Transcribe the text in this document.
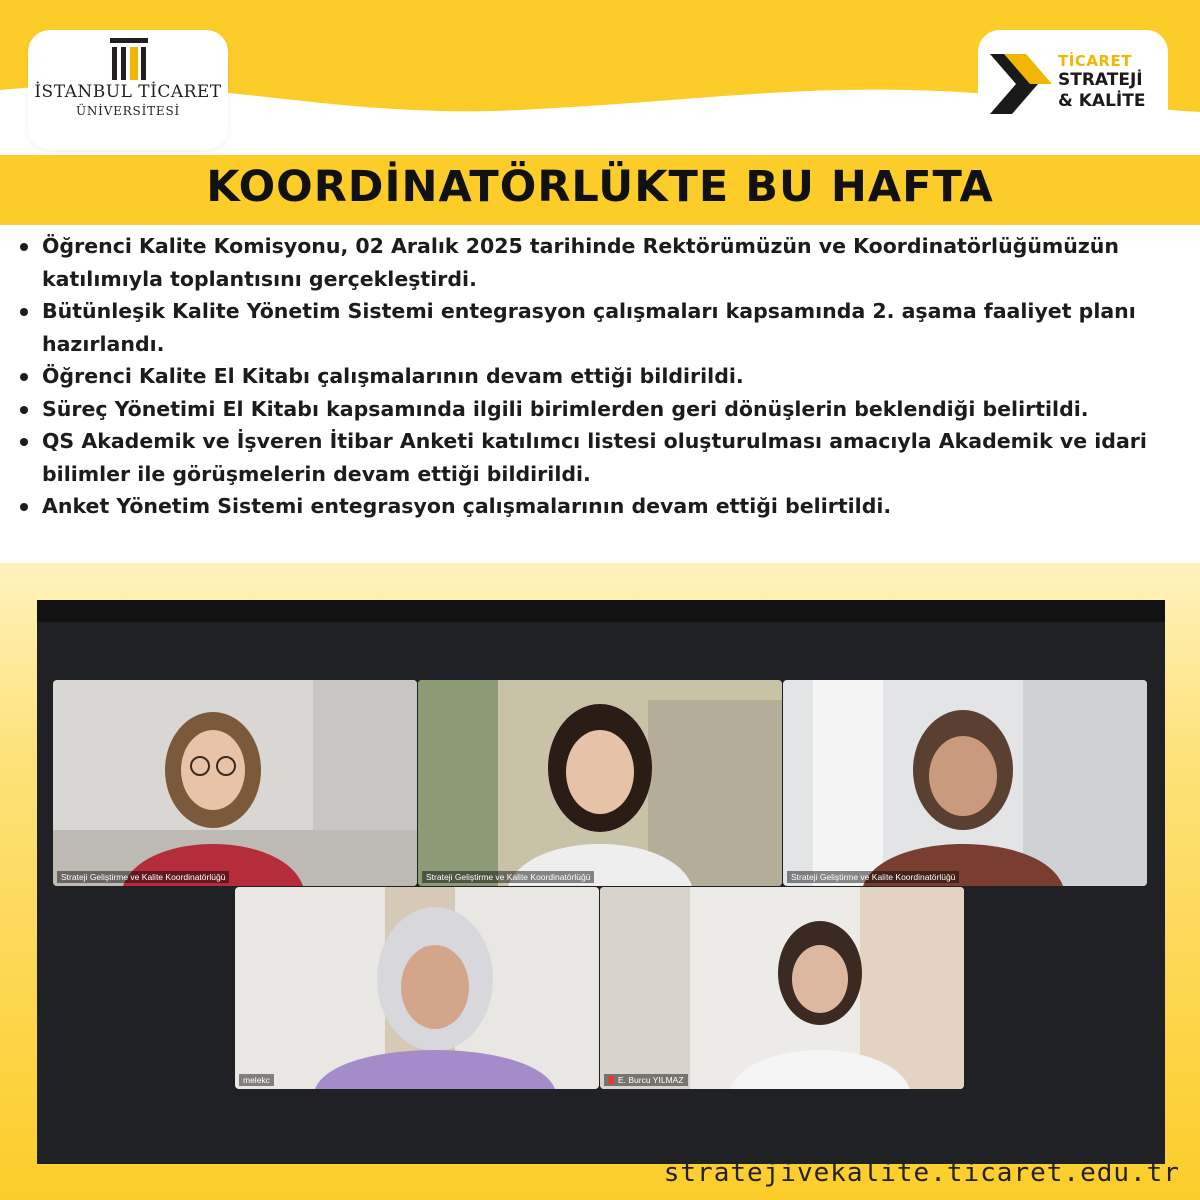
İSTANBUL TİCARET
ÜNİVERSİTESİ
TİCARET
STRATEJİ
& KALİTE
KOORDİNATÖRLÜKTE BU HAFTA
Öğrenci Kalite Komisyonu, 02 Aralık 2025 tarihinde Rektörümüzün ve Koordinatörlüğümüzün katılımıyla toplantısını gerçekleştirdi.
Bütünleşik Kalite Yönetim Sistemi entegrasyon çalışmaları kapsamında 2. aşama faaliyet planı hazırlandı.
Öğrenci Kalite El Kitabı çalışmalarının devam ettiği bildirildi.
Süreç Yönetimi El Kitabı kapsamında ilgili birimlerden geri dönüşlerin beklendiği belirtildi.
QS Akademik ve İşveren İtibar Anketi katılımcı listesi oluşturulması amacıyla Akademik ve idari bilimler ile görüşmelerin devam ettiği bildirildi.
Anket Yönetim Sistemi entegrasyon çalışmalarının devam ettiği belirtildi.
Strateji Geliştirme ve Kalite Koordinatörlüğü	Strateji Geliştirme ve Kalite Koordinatörlüğü	Strateji Geliştirme ve Kalite Koordinatörlüğü
melekc	E. Burcu YILMAZ
stratejivekalite.ticaret.edu.tr
